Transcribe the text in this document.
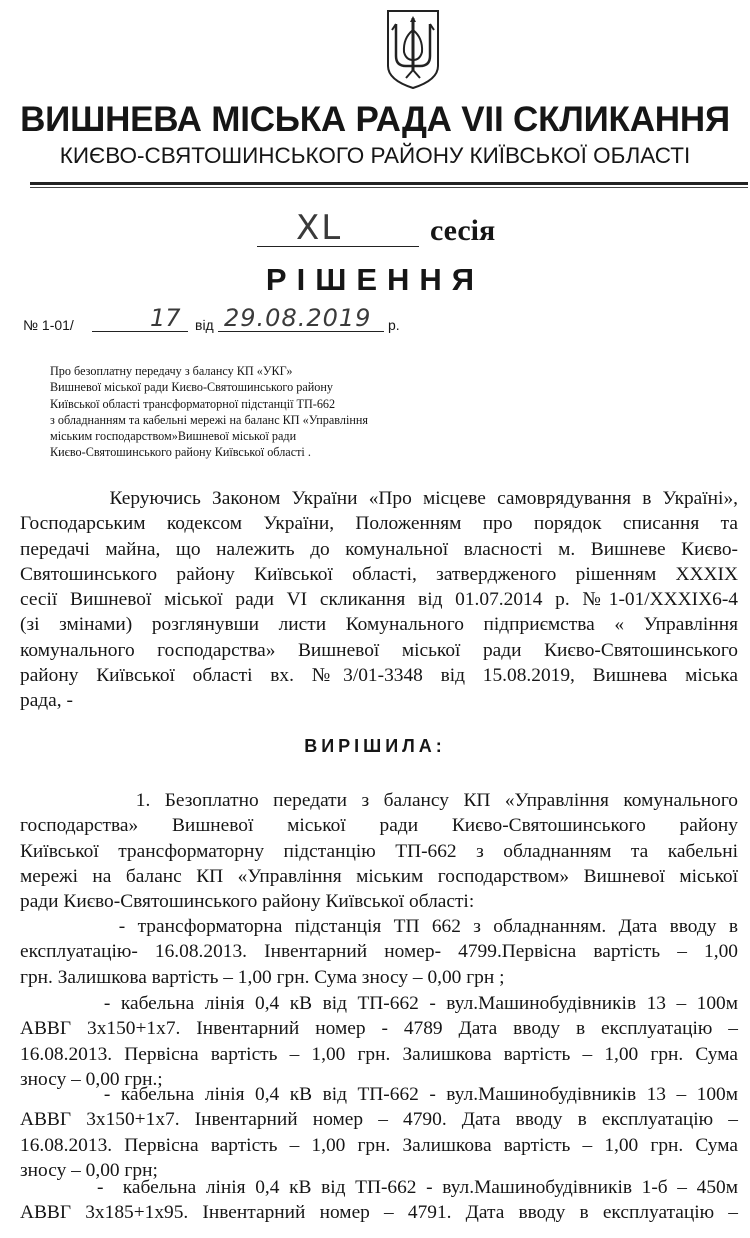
ВИШНЕВА МІСЬКА РАДА VII СКЛИКАННЯ
КИЄВО-СВЯТОШИНСЬКОГО РАЙОНУ КИЇВСЬКОЇ ОБЛАСТІ
XL	сесія
РІШЕННЯ
№ 1-01/	17 від 29.08.2019 р.
Про безоплатну передачу з балансу КП «УКГ»
Вишневої міської ради Києво-Святошинського району
Київської області трансформаторної підстанції ТП-662
з обладнанням та кабельні мережі на баланс КП «Управління
міським господарством»Вишневої міської ради
Києво-Святошинського району Київської області .
Керуючись Законом України «Про місцеве самоврядування в Україні»,
Господарським кодексом України, Положенням про порядок списання та
передачі майна, що належить до комунальної власності м. Вишневе Києво-
Святошинського району Київської області, затвердженого рішенням ХХХІХ
сесії Вишневої міської ради VI скликання від 01.07.2014 р. №1-01/ХХХІХ6-4
(зі змінами) розглянувши листи Комунального підприємства « Управління
комунального господарства» Вишневої міської ради Києво-Святошинського
району Київської області вх. №3/01-3348 від 15.08.2019, Вишнева міська
рада, -
ВИРІШИЛА:
1. Безоплатно передати з балансу КП «Управління комунального
господарства» Вишневої міської ради Києво-Святошинського району
Київської трансформаторну підстанцію ТП-662 з обладнанням та кабельні
мережі на баланс КП «Управління міським господарством» Вишневої міської
ради Києво-Святошинського району Київської області:
- трансформаторна підстанція ТП 662 з обладнанням. Дата вводу в
експлуатацію- 16.08.2013. Інвентарний номер- 4799.Первісна вартість – 1,00
грн. Залишкова вартість – 1,00 грн. Сума зносу – 0,00 грн ;
- кабельна лінія 0,4 кВ від ТП-662 - вул.Машинобудівників 13 – 100м
АВВГ 3х150+1х7. Інвентарний номер - 4789 Дата вводу в експлуатацію –
16.08.2013. Первісна вартість – 1,00 грн. Залишкова вартість – 1,00 грн. Сума
зносу – 0,00 грн.;
- кабельна лінія 0,4 кВ від ТП-662 - вул.Машинобудівників 13 – 100м
АВВГ 3х150+1х7. Інвентарний номер – 4790. Дата вводу в експлуатацію –
16.08.2013. Первісна вартість – 1,00 грн. Залишкова вартість – 1,00 грн. Сума
зносу – 0,00 грн;
-  кабельна лінія 0,4 кВ від ТП-662 - вул.Машинобудівників 1-б – 450м
АВВГ 3х185+1х95. Інвентарний номер – 4791. Дата вводу в експлуатацію –
